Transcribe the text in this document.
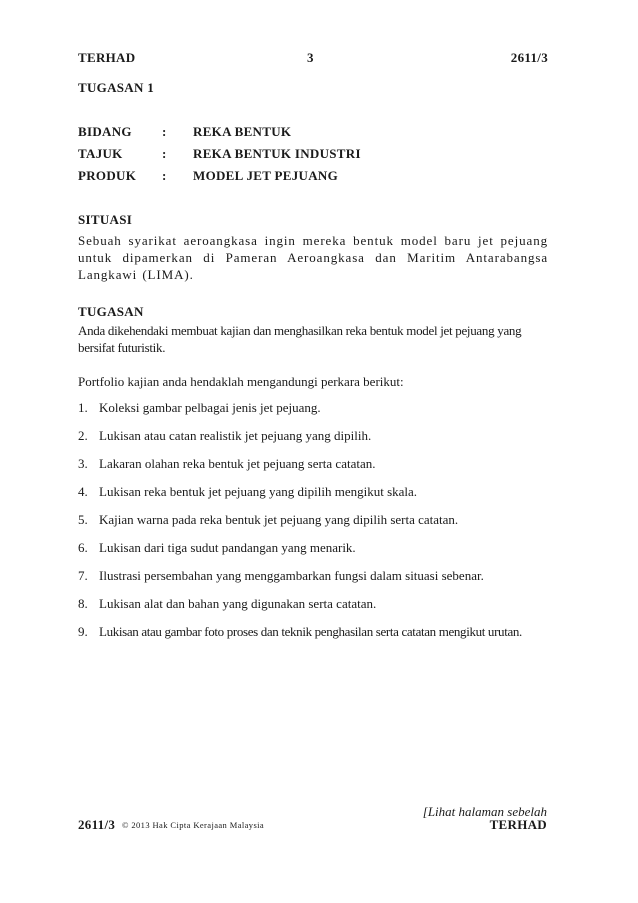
TERHAD	3	2611/3
TUGASAN 1
BIDANG : REKA BENTUK
TAJUK	: REKA BENTUK INDUSTRI
PRODUK : MODEL JET PEJUANG
SITUASI
Sebuah syarikat aeroangkasa ingin mereka bentuk model baru jet pejuang untuk dipamerkan di Pameran Aeroangkasa dan Maritim Antarabangsa Langkawi (LIMA).
TUGASAN
Anda dikehendaki membuat kajian dan menghasilkan reka bentuk model jet pejuang yang bersifat futuristik.
Portfolio kajian anda hendaklah mengandungi perkara berikut:
1. Koleksi gambar pelbagai jenis jet pejuang.
2. Lukisan atau catan realistik jet pejuang yang dipilih.
3. Lakaran olahan reka bentuk jet pejuang serta catatan.
4. Lukisan reka bentuk jet pejuang yang dipilih mengikut skala.
5. Kajian warna pada reka bentuk jet pejuang yang dipilih serta catatan.
6. Lukisan dari tiga sudut pandangan yang menarik.
7. Ilustrasi persembahan yang menggambarkan fungsi dalam situasi sebenar.
8. Lukisan alat dan bahan yang digunakan serta catatan.
9. Lukisan atau gambar foto proses dan teknik penghasilan serta catatan mengikut urutan.
[Lihat halaman sebelah
2611/3 © 2013 Hak Cipta Kerajaan Malaysia	TERHAD
